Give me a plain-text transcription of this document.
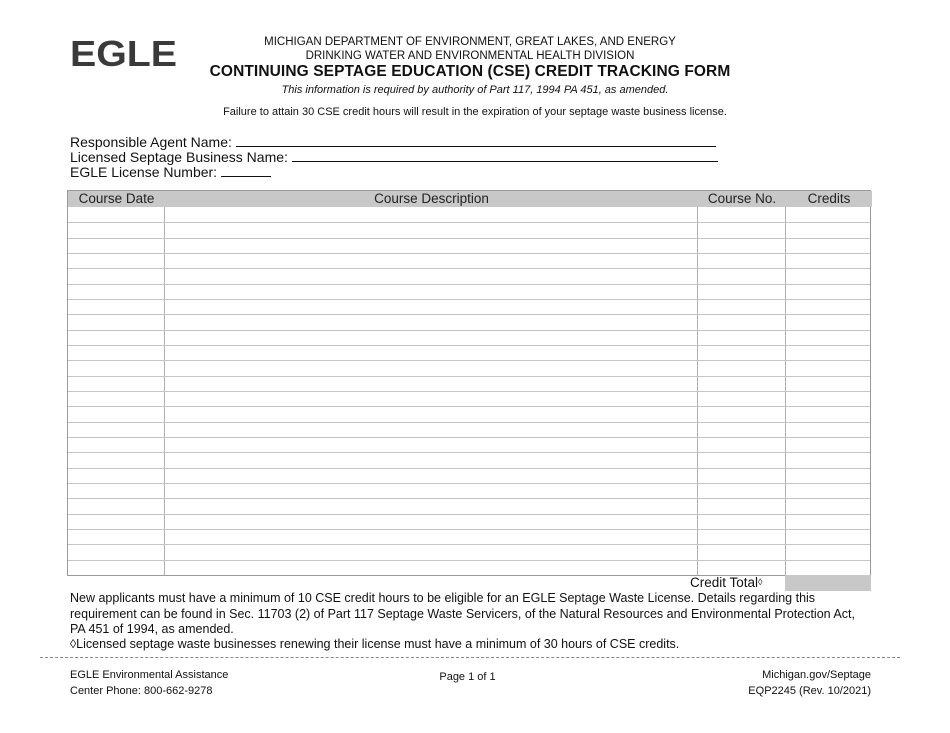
EGLE	MICHIGAN DEPARTMENT OF ENVIRONMENT, GREAT LAKES, AND ENERGY
DRINKING WATER AND ENVIRONMENTAL HEALTH DIVISION
CONTINUING SEPTAGE EDUCATION (CSE) CREDIT TRACKING FORM
This information is required by authority of Part 117, 1994 PA 451, as amended.
Failure to attain 30 CSE credit hours will result in the expiration of your septage waste business license.
Responsible Agent Name:
Licensed Septage Business Name:
EGLE License Number:
Course Date	Course Description	Course No.	Credits
Credit Total◊
New applicants must have a minimum of 10 CSE credit hours to be eligible for an EGLE Septage Waste License. Details regarding this requirement can be found in Sec. 11703 (2) of Part 117 Septage Waste Servicers, of the Natural Resources and Environmental Protection Act, PA 451 of 1994, as amended.
◊Licensed septage waste businesses renewing their license must have a minimum of 30 hours of CSE credits.
EGLE Environmental Assistance
Center Phone: 800-662-9278
Page 1 of 1	Michigan.gov/Septage
EQP2245 (Rev. 10/2021)
